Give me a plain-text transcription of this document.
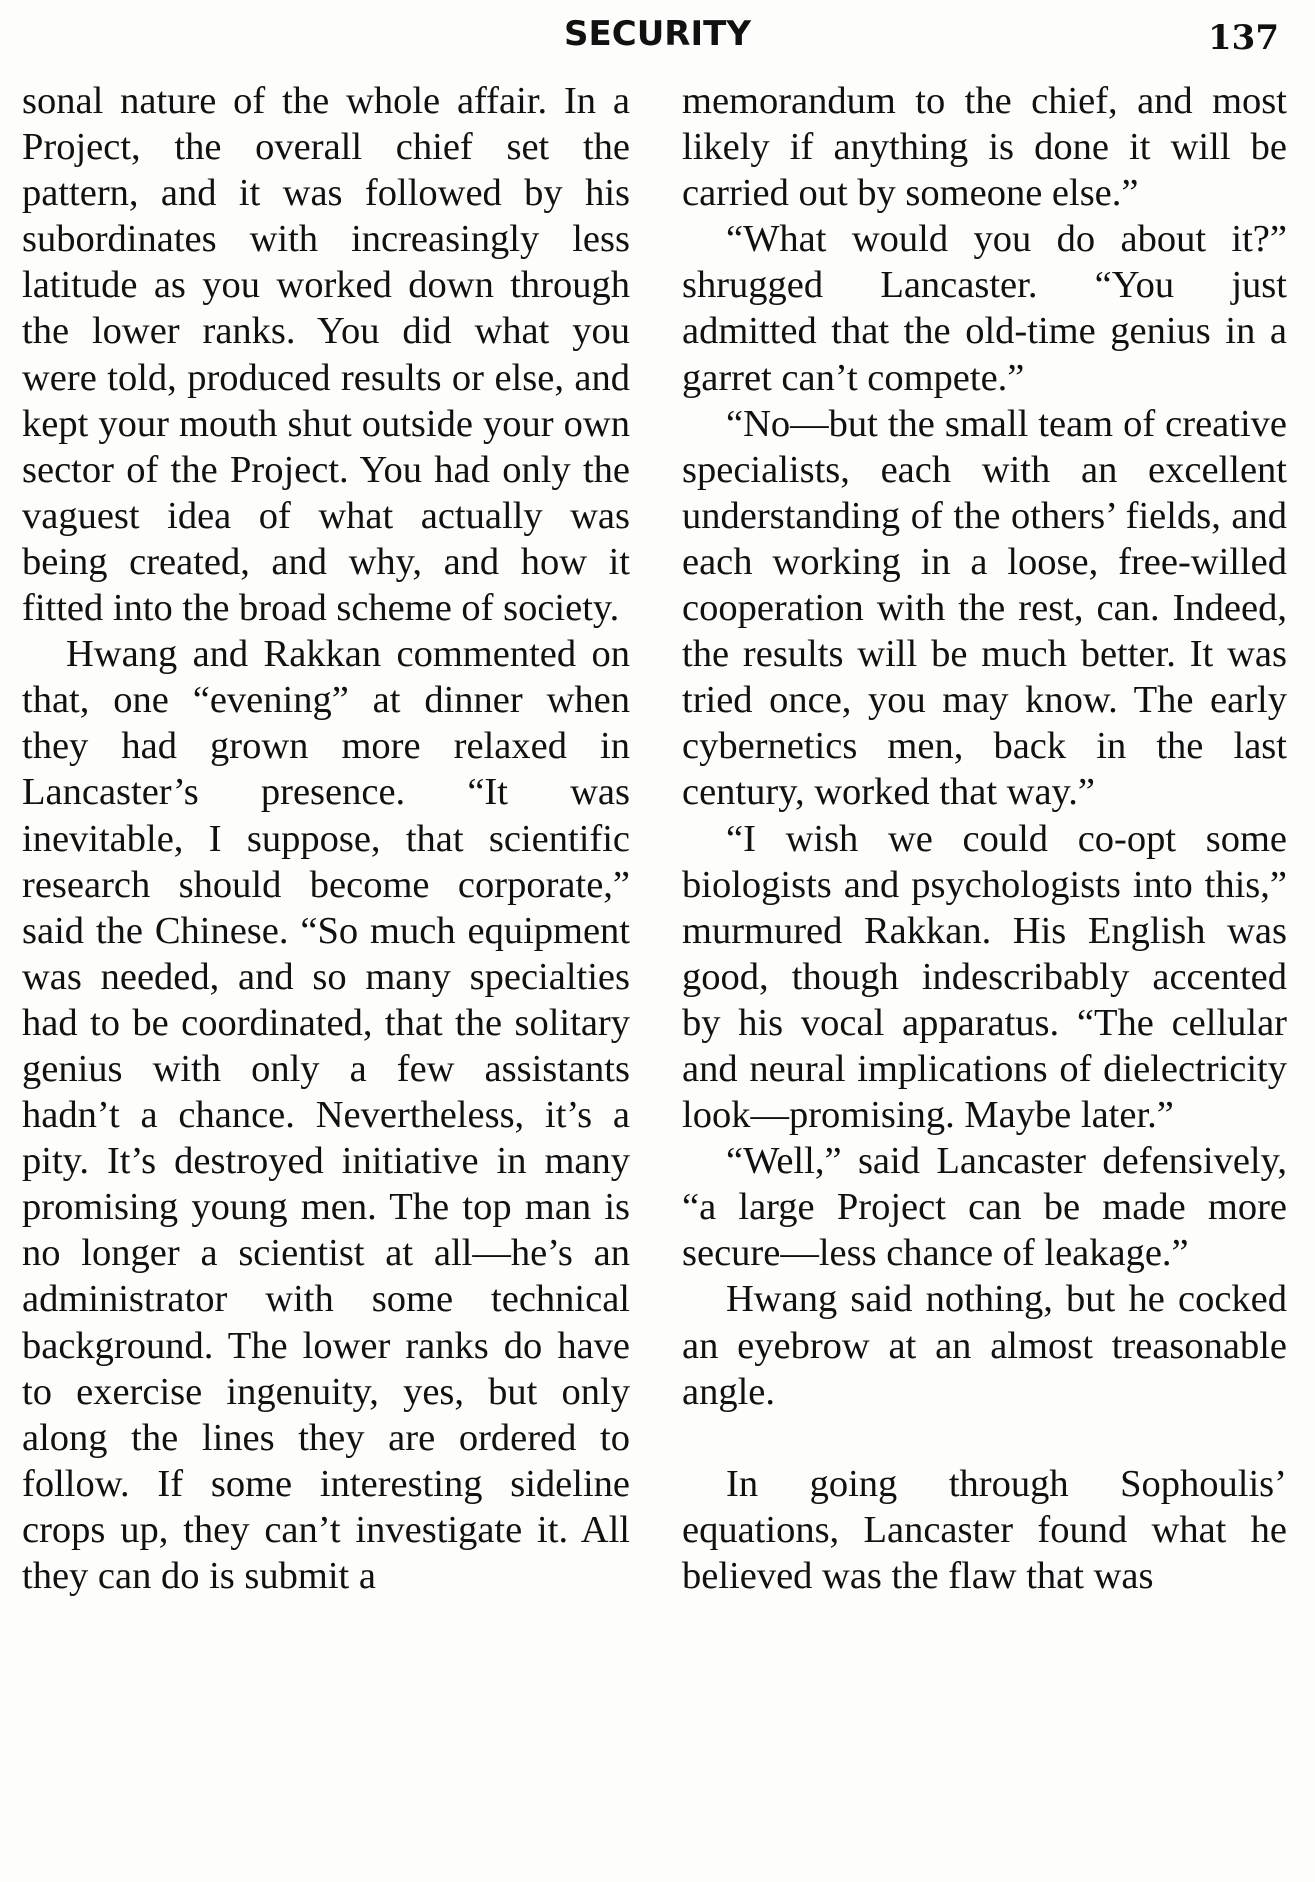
SECURITY	137

sonal nature of the whole affair. In a Project, the overall chief set the pattern, and it was followed by his subordinates with increasingly less latitude as you worked down through the lower ranks. You did what you were told, produced results or else, and kept your mouth shut outside your own sector of the Project. You had only the vaguest idea of what actually was being created, and why, and how it fitted into the broad scheme of society.

Hwang and Rakkan commented on that, one “evening” at dinner when they had grown more relaxed in Lancaster’s presence. “It was inevitable, I suppose, that scientific research should become corporate,” said the Chinese. “So much equipment was needed, and so many specialties had to be coordinated, that the solitary genius with only a few assistants hadn’t a chance. Nevertheless, it’s a pity. It’s destroyed initiative in many promising young men. The top man is no longer a scientist at all—he’s an administrator with some technical background. The lower ranks do have to exercise ingenuity, yes, but only along the lines they are ordered to follow. If some interesting sideline crops up, they can’t investigate it. All they can do is submit a

memorandum to the chief, and most likely if anything is done it will be carried out by someone else.”

“What would you do about it?” shrugged Lancaster. “You just admitted that the old-time genius in a garret can’t compete.”

“No—but the small team of creative specialists, each with an excellent understanding of the others’ fields, and each working in a loose, free-willed cooperation with the rest, can. Indeed, the results will be much better. It was tried once, you may know. The early cybernetics men, back in the last century, worked that way.”

“I wish we could co-opt some biologists and psychologists into this,” murmured Rakkan. His English was good, though indescribably accented by his vocal apparatus. “The cellular and neural implications of dielectricity look—promising. Maybe later.”

“Well,” said Lancaster defensively, “a large Project can be made more secure—less chance of leakage.”

Hwang said nothing, but he cocked an eyebrow at an almost treasonable angle.

In going through Sophoulis’ equations, Lancaster found what he believed was the flaw that was
